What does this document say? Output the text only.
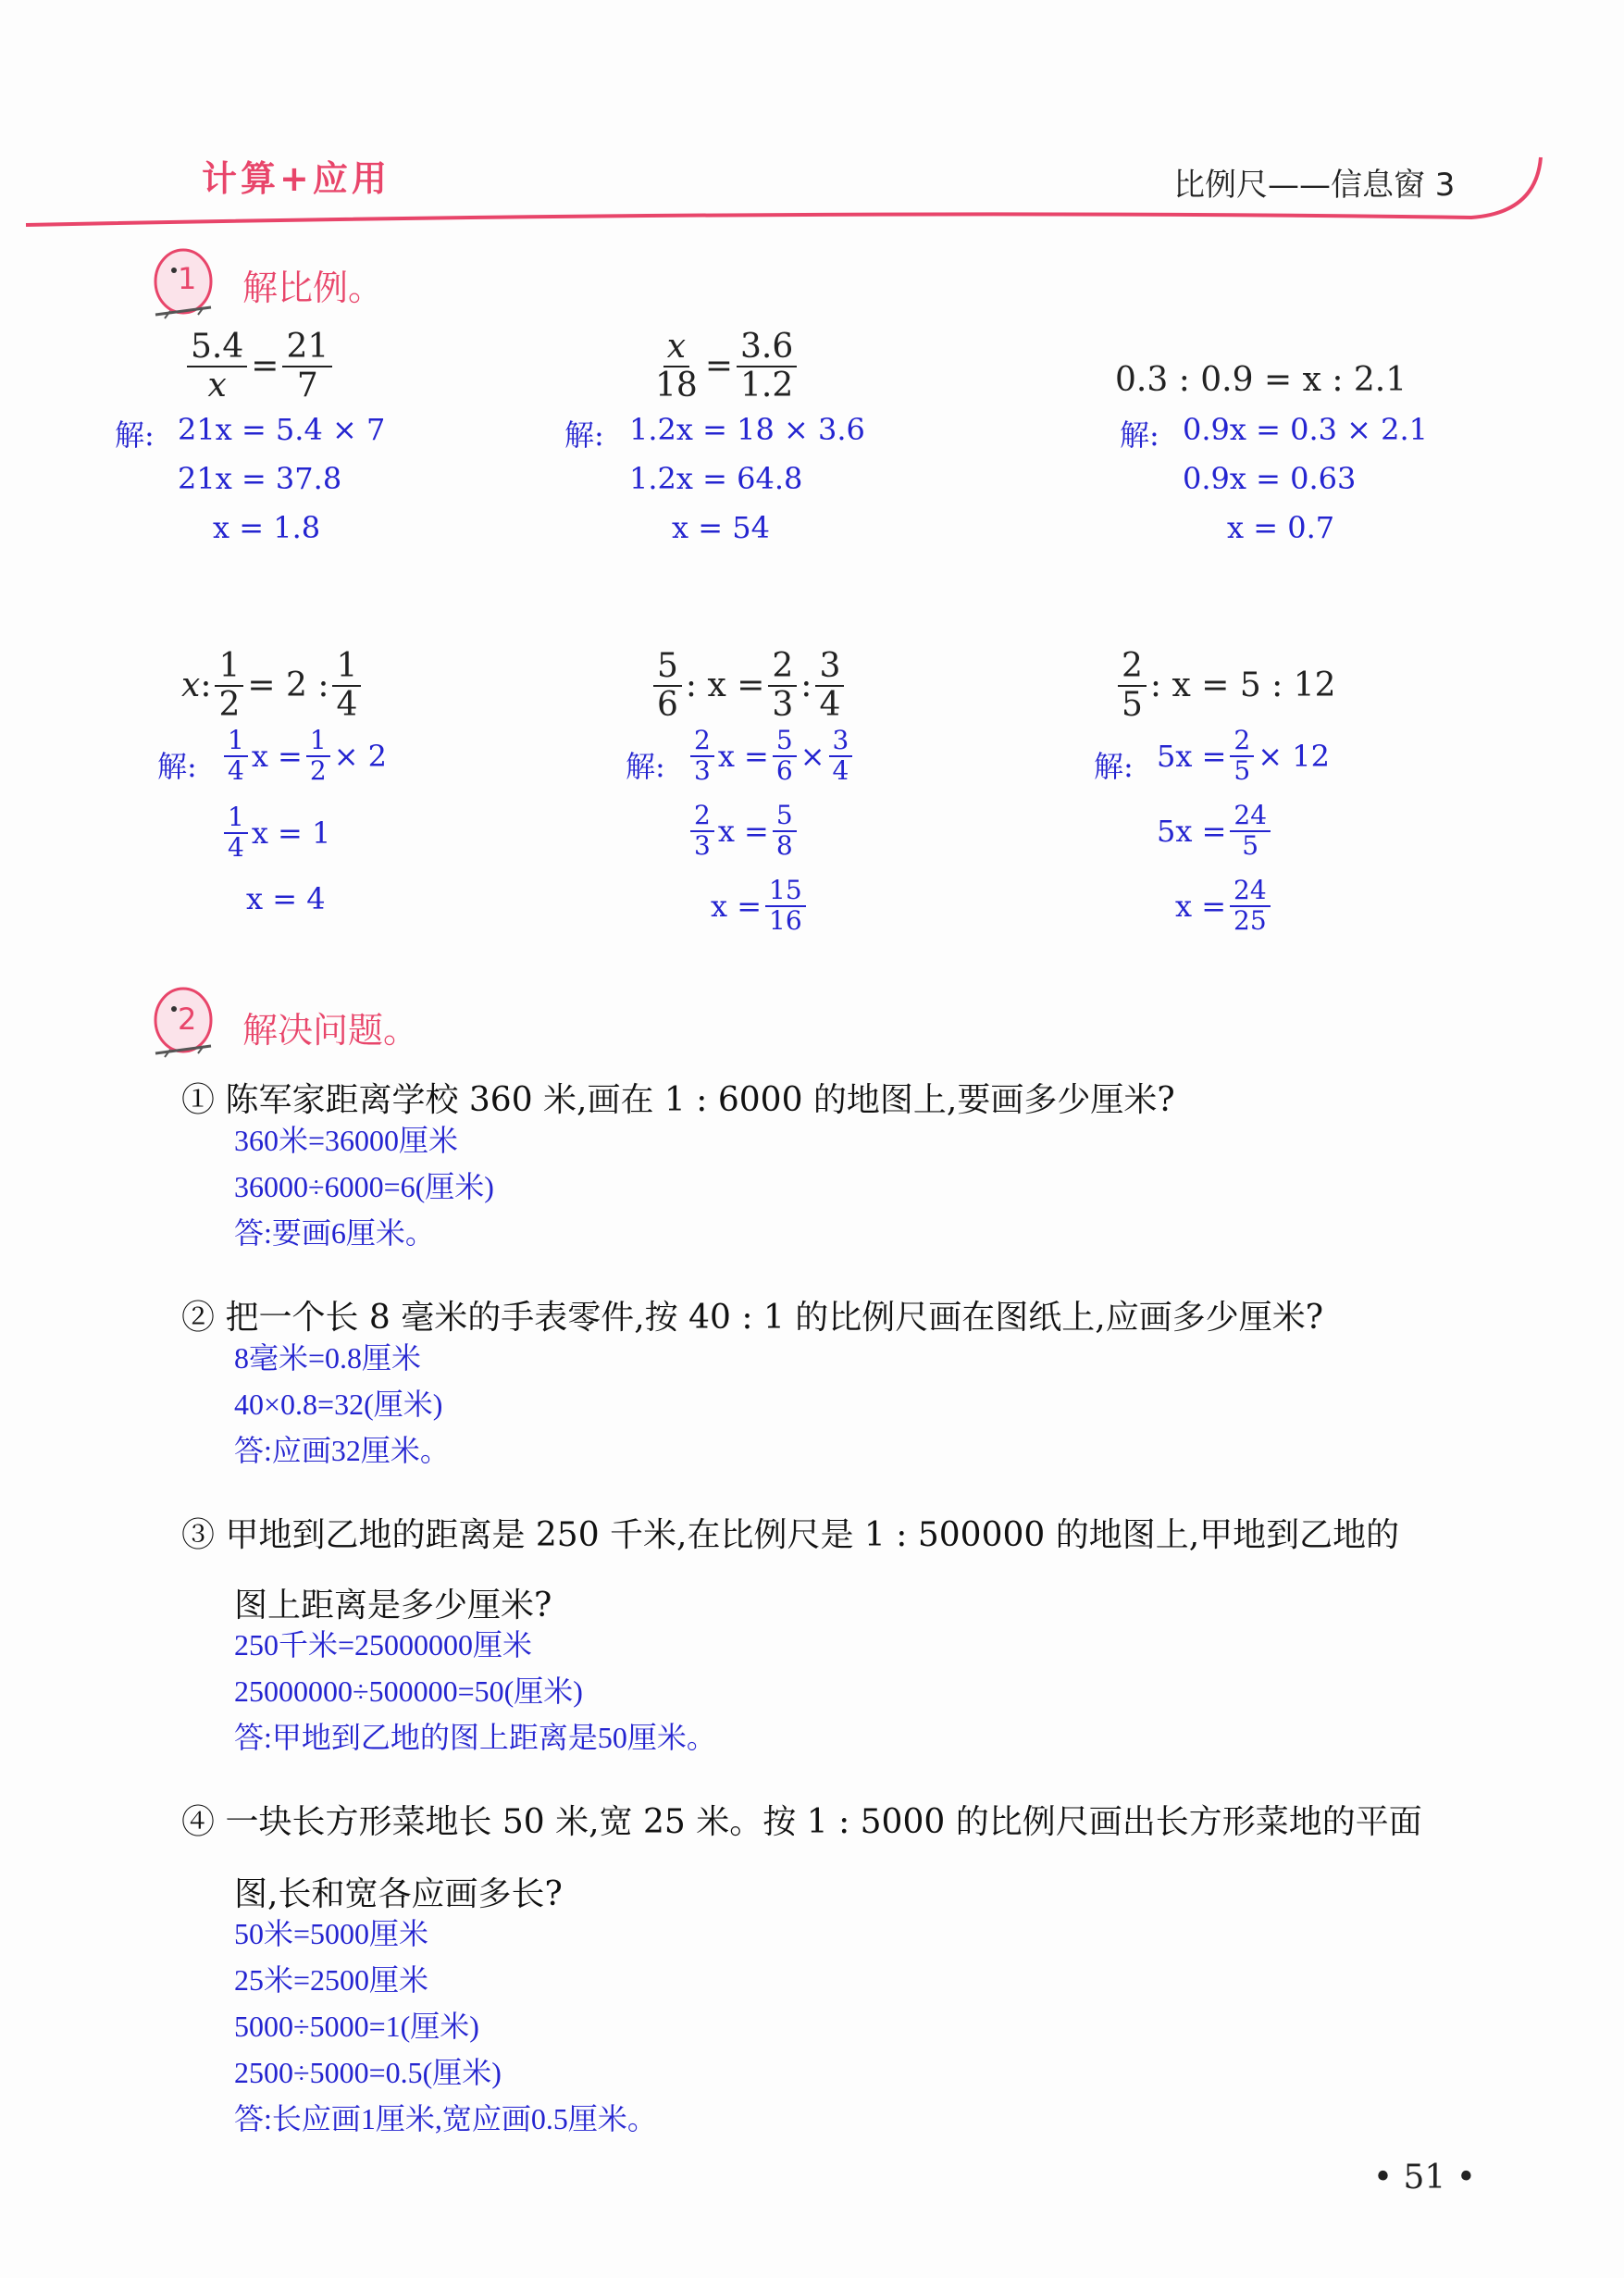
计算+应用	比例尺——信息窗 3
1 解比例。
$\frac{5.4}{x} = \frac{21}{7}$
解: 21x = 5.4 × 7
21x = 37.8
x = 1.8
$\frac{x}{18} = \frac{3.6}{1.2}$
解: 1.2x = 18 × 3.6
1.2x = 64.8
x = 54
0.3 : 0.9 = x : 2.1
解: 0.9x = 0.3 × 2.1
0.9x = 0.63
x = 0.7
x : $\frac{1}{2} = 2$ : $\frac{1}{4}$
解: $\frac{1}{4}$ $x = \frac{1}{2} \times 2$
$\frac{1}{4}$ x = 1
x = 4
$\frac{5}{6}$ : $x = \frac{2}{3}$ : $\frac{3}{4}$
解: $\frac{2}{3}$ $x = \frac{5}{6} \times \frac{3}{4}$
$\frac{2}{3}$ $x = \frac{5}{8}$
$x = \frac{15}{16}$
$\frac{2}{5}$ : x = 5 : 12
解: $5x = \frac{2}{5} \times 12$
$5x = \frac{24}{5}$
$x = \frac{24}{25}$
2 解决问题。
① 陈军家距离学校 360 米,画在 1 : 6000 的地图上,要画多少厘米?
360米=36000厘米
36000÷6000=6(厘米)
答:要画6厘米。
② 把一个长 8 毫米的手表零件,按 40 : 1 的比例尺画在图纸上,应画多少厘米?
8毫米=0.8厘米
40×0.8=32(厘米)
答:应画32厘米。
③ 甲地到乙地的距离是 250 千米,在比例尺是 1 : 500000 的地图上,甲地到乙地的
图上距离是多少厘米?
250千米=25000000厘米
25000000÷500000=50(厘米)
答:甲地到乙地的图上距离是50厘米。
④ 一块长方形菜地长 50 米,宽 25 米。按 1 : 5000 的比例尺画出长方形菜地的平面
图,长和宽各应画多长?
50米=5000厘米
25米=2500厘米
5000÷5000=1(厘米)
2500÷5000=0.5(厘米)
答:长应画1厘米,宽应画0.5厘米。
• 51 •
